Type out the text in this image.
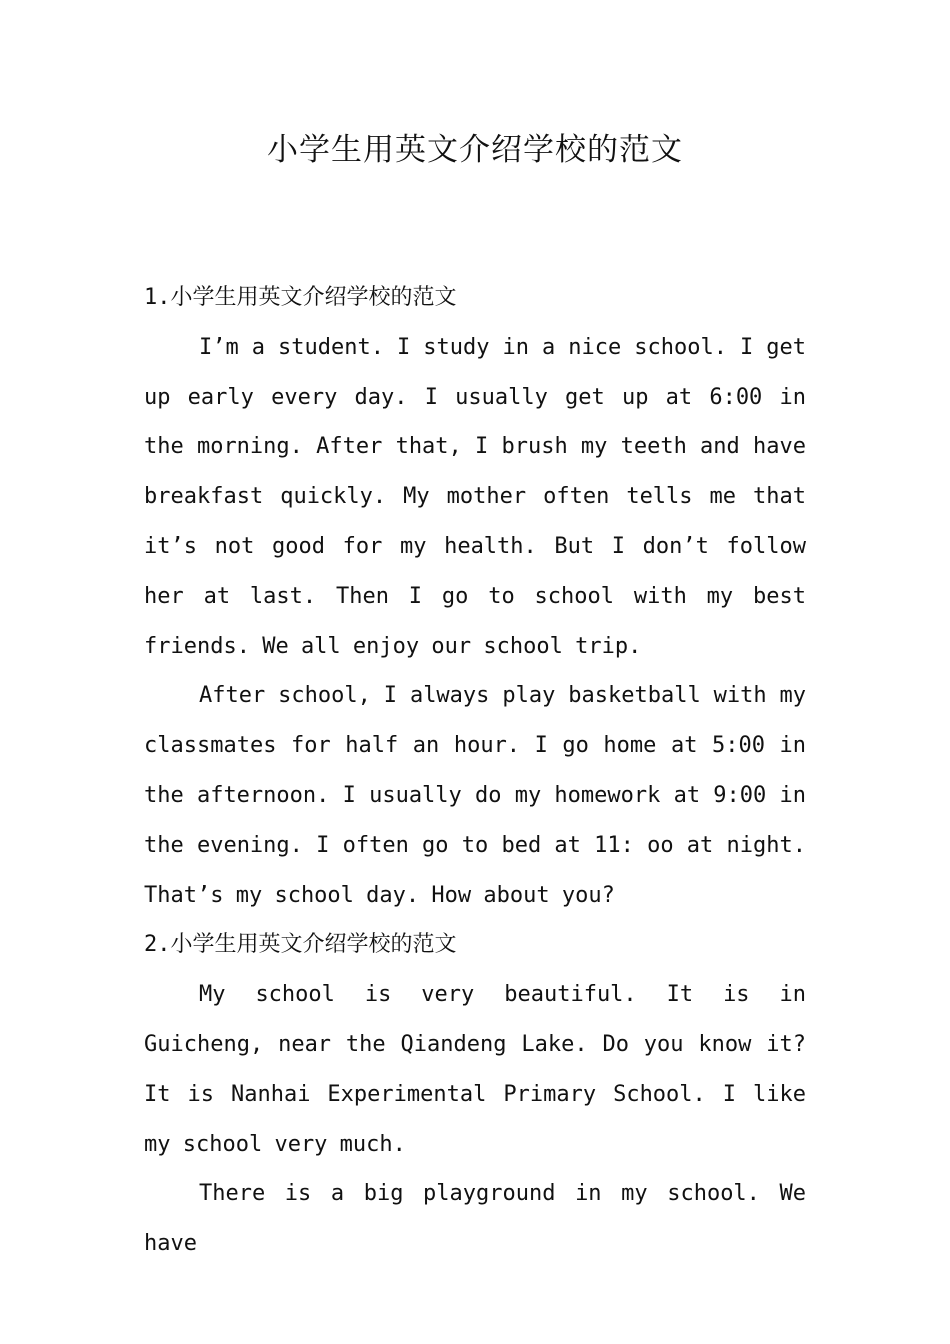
小学生用英文介绍学校的范文
1.小学生用英文介绍学校的范文

I’m a student. I study in a nice school. I get up early every day. I usually get up at 6:00 in the morning. After that, I brush my teeth and have breakfast quickly. My mother often tells me that it’s not good for my health. But I don’t follow her at last. Then I go to school with my best friends. We all enjoy our school trip.

After school, I always play basketball with my classmates for half an hour. I go home at 5:00 in the afternoon. I usually do my homework at 9:00 in the evening. I often go to bed at 11: oo at night. That’s my school day. How about you?

2.小学生用英文介绍学校的范文

My school is very beautiful. It is in Guicheng, near the Qiandeng Lake. Do you know it? It is Nanhai Experimental Primary School. I like my school very much.

There is a big playground in my school. We have
